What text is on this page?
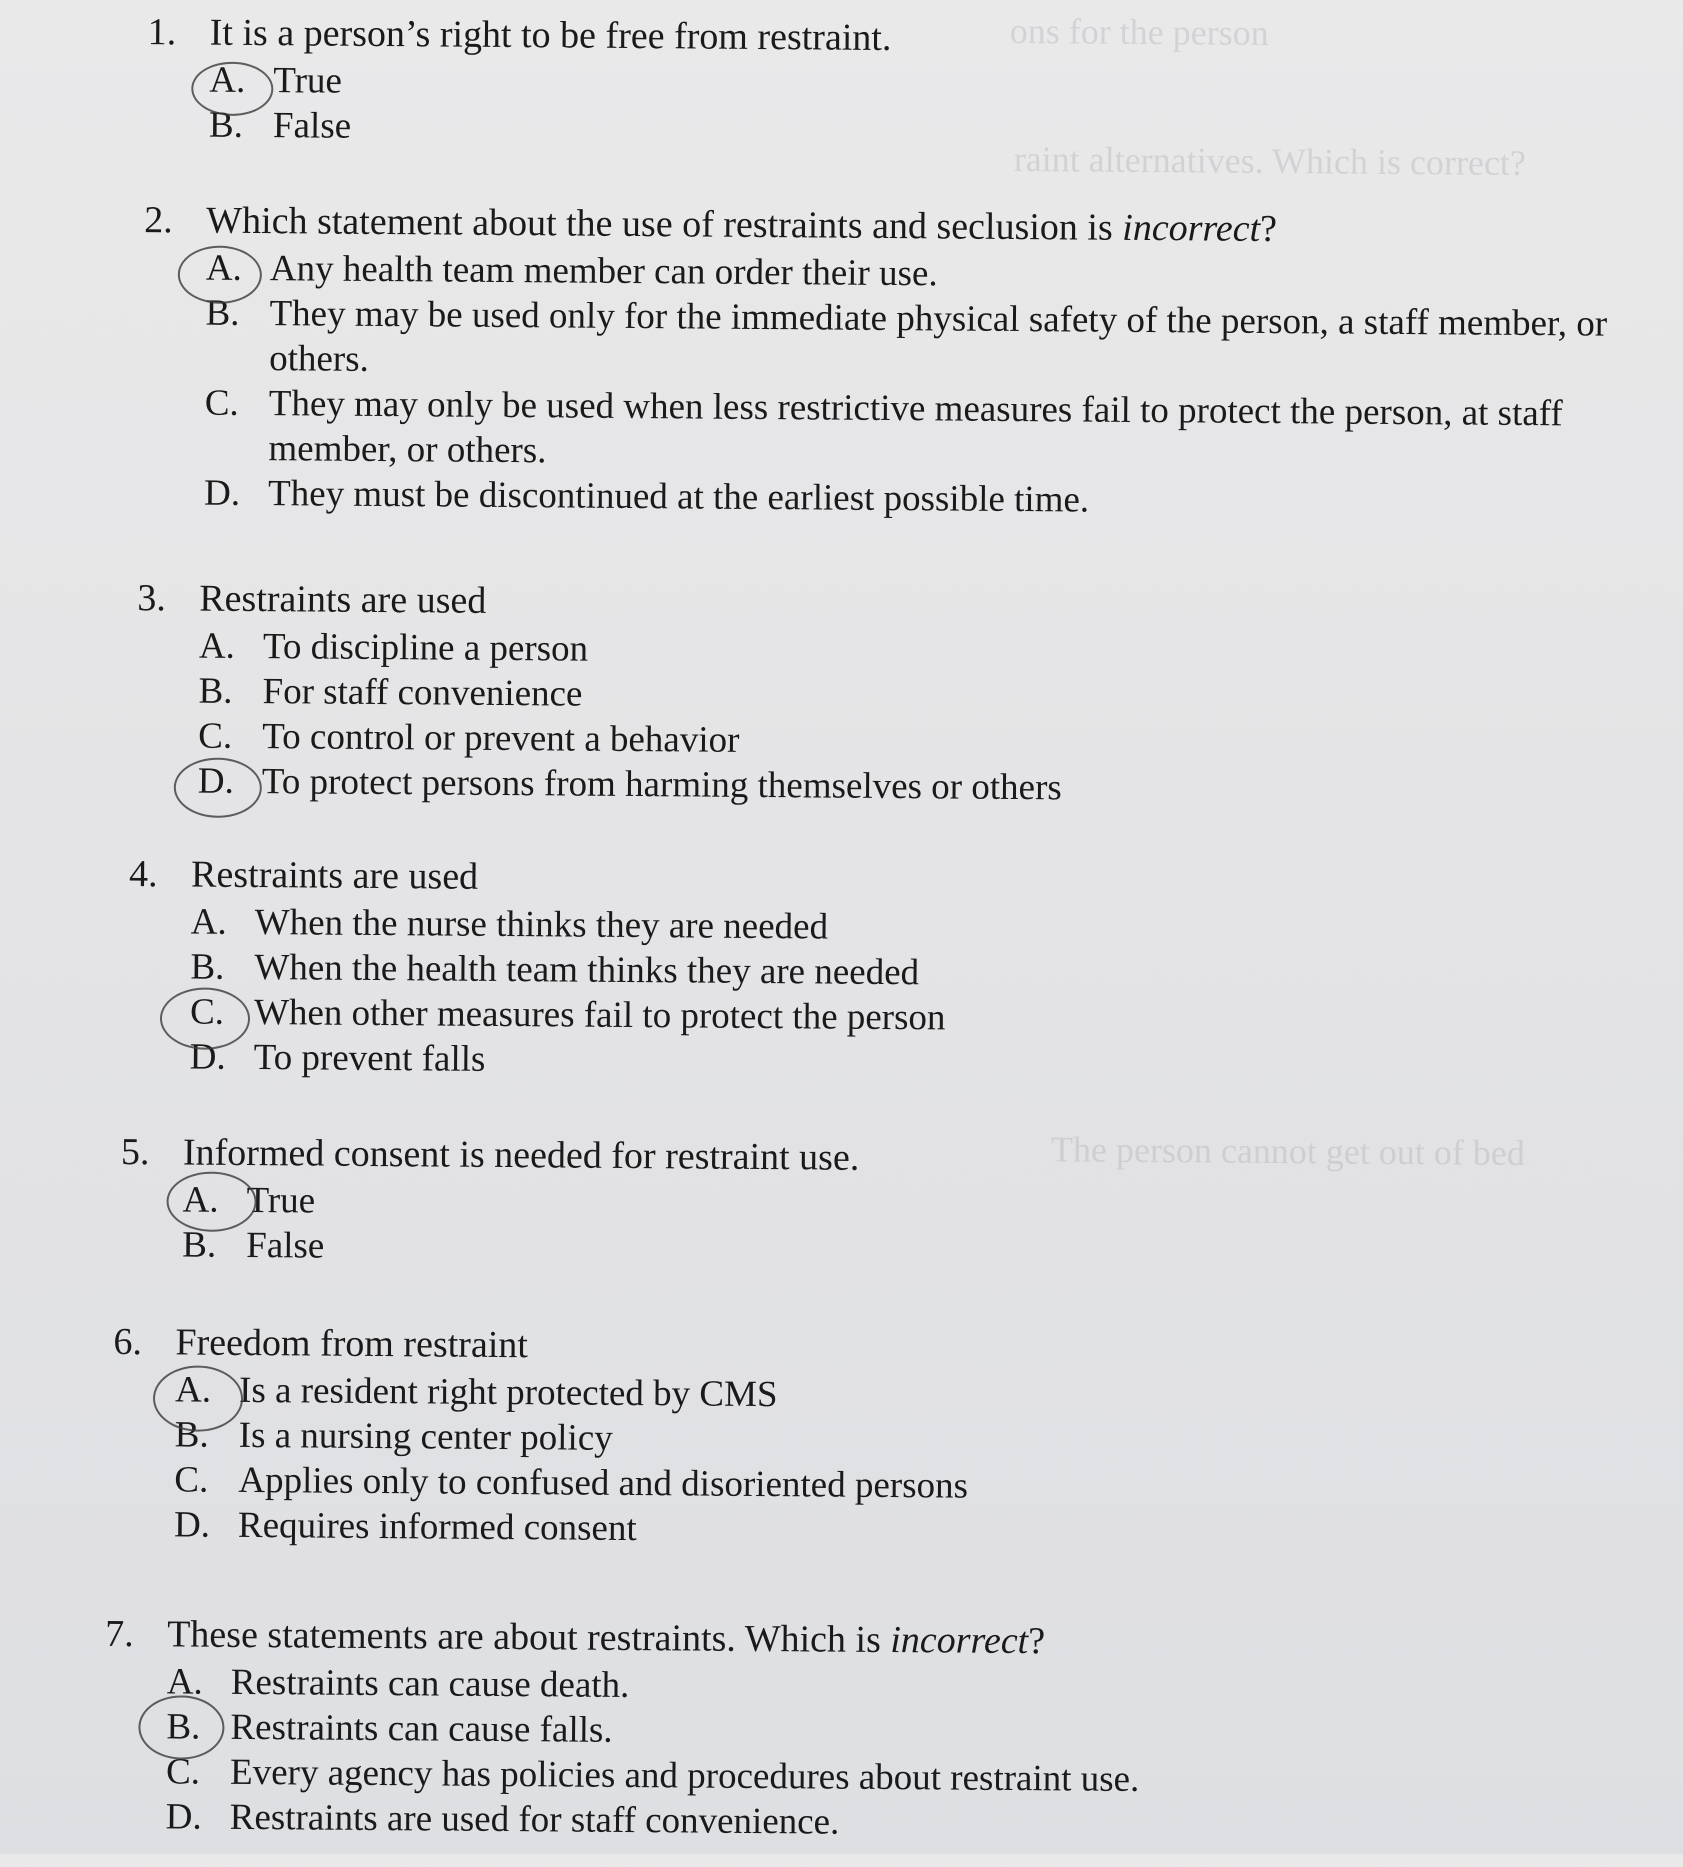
ons for the person
raint alternatives. Which is correct?
The person cannot get out of bed
1. It is a person’s right to be free from restraint.
A. True
B. False
2. Which statement about the use of restraints and seclusion is incorrect?
A. Any health team member can order their use.
B. They may be used only for the immediate physical safety of the person, a staff member, or others.
C. They may only be used when less restrictive measures fail to protect the person, at staff member, or others.
D. They must be discontinued at the earliest possible time.
3. Restraints are used
A. To discipline a person
B. For staff convenience
C. To control or prevent a behavior
D. To protect persons from harming themselves or others
4. Restraints are used
A. When the nurse thinks they are needed
B. When the health team thinks they are needed
C. When other measures fail to protect the person
D. To prevent falls
5. Informed consent is needed for restraint use.
A. True
B. False
6. Freedom from restraint
A. Is a resident right protected by CMS
B. Is a nursing center policy
C. Applies only to confused and disoriented persons
D. Requires informed consent
7. These statements are about restraints. Which is incorrect?
A. Restraints can cause death.
B. Restraints can cause falls.
C. Every agency has policies and procedures about restraint use.
D. Restraints are used for staff convenience.
